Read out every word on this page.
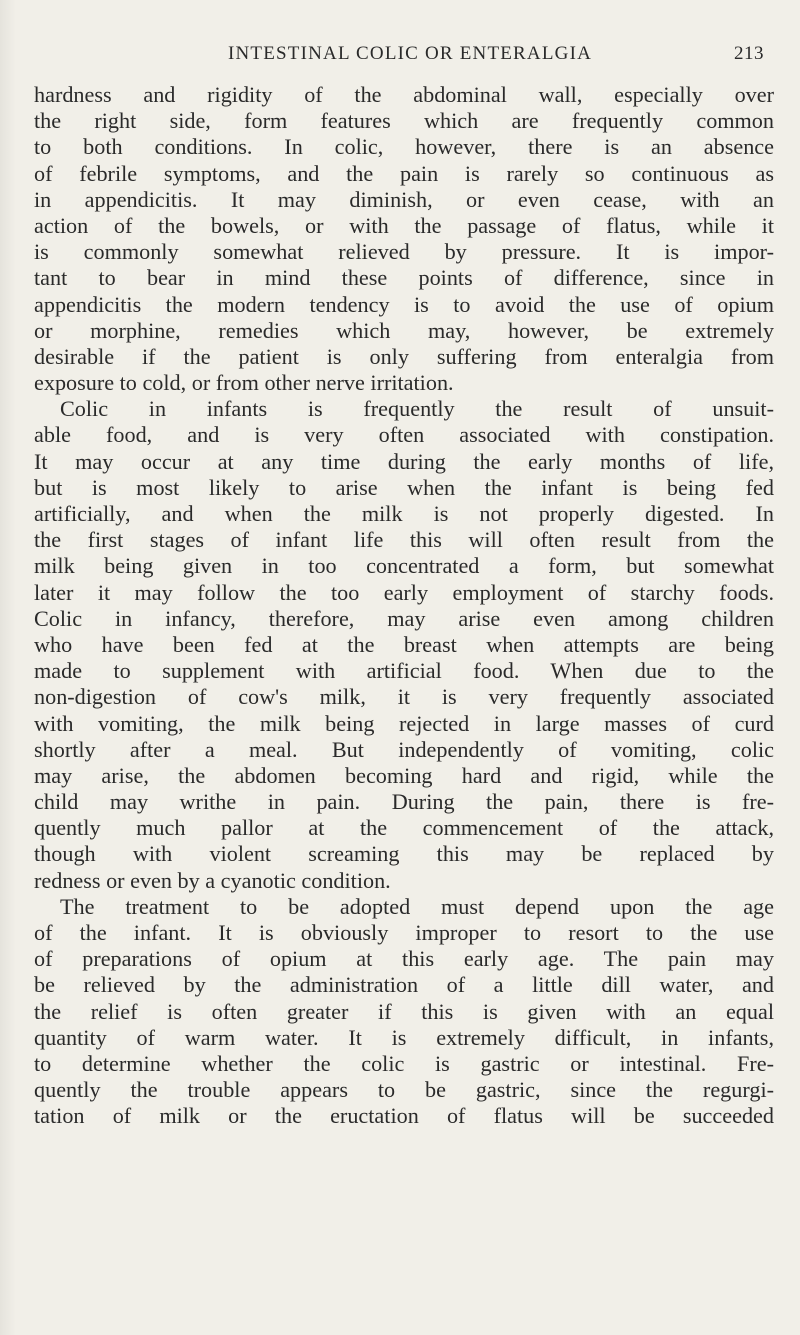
INTESTINAL COLIC OR ENTERALGIA	213
hardness and rigidity of the abdominal wall, especially over
the right side, form features which are frequently common
to both conditions. In colic, however, there is an absence
of febrile symptoms, and the pain is rarely so continuous as
in appendicitis. It may diminish, or even cease, with an
action of the bowels, or with the passage of flatus, while it
is commonly somewhat relieved by pressure. It is impor-
tant to bear in mind these points of difference, since in
appendicitis the modern tendency is to avoid the use of opium
or morphine, remedies which may, however, be extremely
desirable if the patient is only suffering from enteralgia from
exposure to cold, or from other nerve irritation.
Colic in infants is frequently the result of unsuit-
able food, and is very often associated with constipation.
It may occur at any time during the early months of life,
but is most likely to arise when the infant is being fed
artificially, and when the milk is not properly digested. In
the first stages of infant life this will often result from the
milk being given in too concentrated a form, but somewhat
later it may follow the too early employment of starchy foods.
Colic in infancy, therefore, may arise even among children
who have been fed at the breast when attempts are being
made to supplement with artificial food. When due to the
non-digestion of cow's milk, it is very frequently associated
with vomiting, the milk being rejected in large masses of curd
shortly after a meal. But independently of vomiting, colic
may arise, the abdomen becoming hard and rigid, while the
child may writhe in pain. During the pain, there is fre-
quently much pallor at the commencement of the attack,
though with violent screaming this may be replaced by
redness or even by a cyanotic condition.
The treatment to be adopted must depend upon the age
of the infant. It is obviously improper to resort to the use
of preparations of opium at this early age. The pain may
be relieved by the administration of a little dill water, and
the relief is often greater if this is given with an equal
quantity of warm water. It is extremely difficult, in infants,
to determine whether the colic is gastric or intestinal. Fre-
quently the trouble appears to be gastric, since the regurgi-
tation of milk or the eructation of flatus will be succeeded
